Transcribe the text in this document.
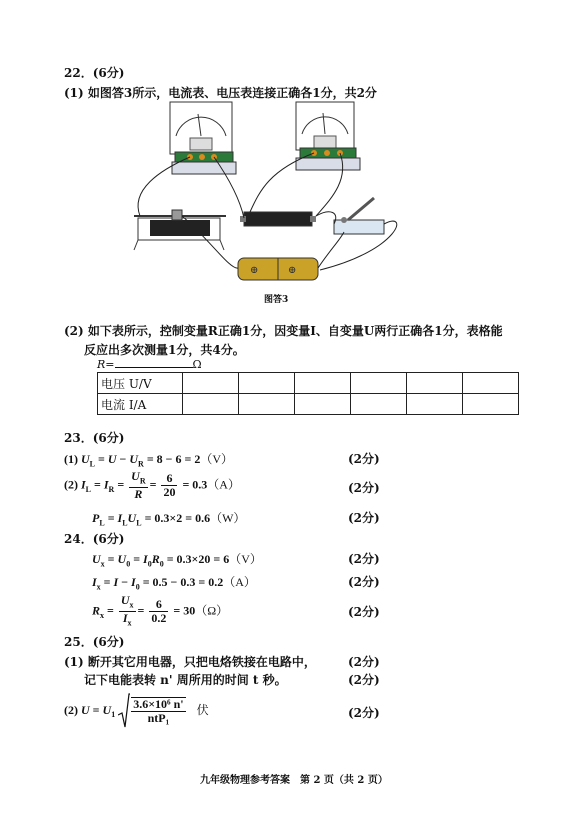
22．(6分)
(1) 如图答3所示，电流表、电压表连接正确各1分，共2分
⊕	⊕
图答3
(2) 如下表所示，控制变量R正确1分，因变量I、自变量U两行正确各1分，表格能
反应出多次测量1分，共4分。
R=	Ω
电压 U/V						
电流 I/A						
23．(6分)
(1) $U_L = U - U_R = 8 - 6 = 2(V)$	(2分)
(2) $I_L = I_R = \frac{U_R}{R} = \frac{6}{20} = 0.3(A)$	(2分)
$P_L = I_LU_L = 0.3\times 2 = 0.6(W)$	(2分)
24．(6分)
$U_x = U_0 = I_0R_0 = 0.3\times 20 = 6(V)$	(2分)
$I_x = I - I_0 = 0.5 - 0.3 = 0.2(A)$	(2分)
$R_x = \frac{U_x}{I_x} = \frac{6}{0.2} = 30(\Omega)$	(2分)
25．(6分)
(1) 断开其它用电器，只把电烙铁接在电路中，	(2分)
记下电能表转 n' 周所用的时间 t 秒。	(2分)
(2) $U = U_1 \frac{\text{3.6×10⁶ n'}}{\text{ntP₁}}$ 伏	(2分)
九年级物理参考答案　第 2 页（共 2 页）
